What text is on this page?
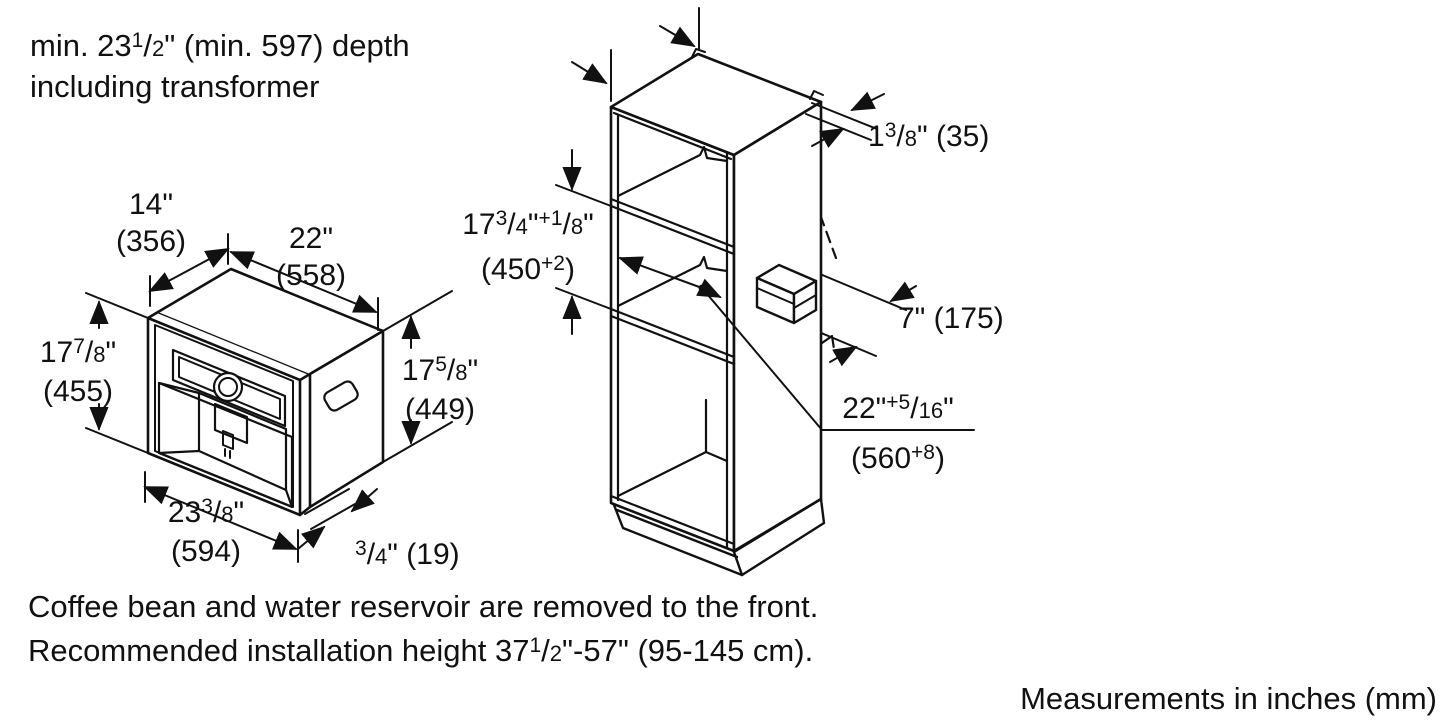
min. $23^1/2$" (min. 597) depth
including transformer
14"
(356)	22"
(558)
$17^7/8$"
(455)
$17^5/8$"
(449)
$23^3/8$"
(594)	$^3$/4" (19)
$1^3/8$" (35)
$17^3/4"^{+1}/8$"
$(450^{+2})$
7" (175)
22"$^{+5}$/16"
$(560^{+8})$
Coffee bean and water reservoir are removed to the front.
Recommended installation height $37^1/2"-57$" (95-145 cm).
Measurements in inches (mm)
